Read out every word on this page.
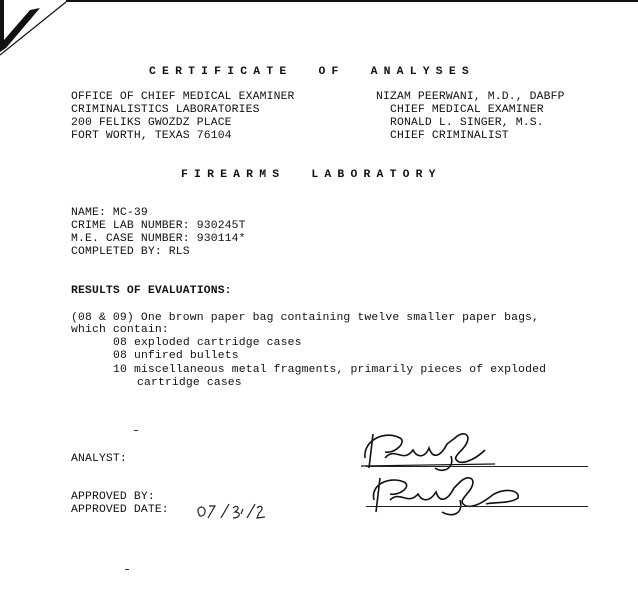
CERTIFICATE  OF  ANALYSES
OFFICE OF CHIEF MEDICAL EXAMINER
CRIMINALISTICS LABORATORIES
200 FELIKS GWOZDZ PLACE
FORT WORTH, TEXAS 76104
NIZAM PEERWANI, M.D., DABFP
CHIEF MEDICAL EXAMINER
RONALD L. SINGER, M.S.
CHIEF CRIMINALIST
FIREARMS  LABORATORY
NAME: MC-39
CRIME LAB NUMBER: 930245T
M.E. CASE NUMBER: 930114*
COMPLETED BY: RLS
RESULTS OF EVALUATIONS:
(08 & 09) One brown paper bag containing twelve smaller paper bags,
which contain:
08 exploded cartridge cases
08 unfired bullets
10 miscellaneous metal fragments, primarily pieces of exploded
cartridge cases
ANALYST:
APPROVED BY:
APPROVED DATE:
